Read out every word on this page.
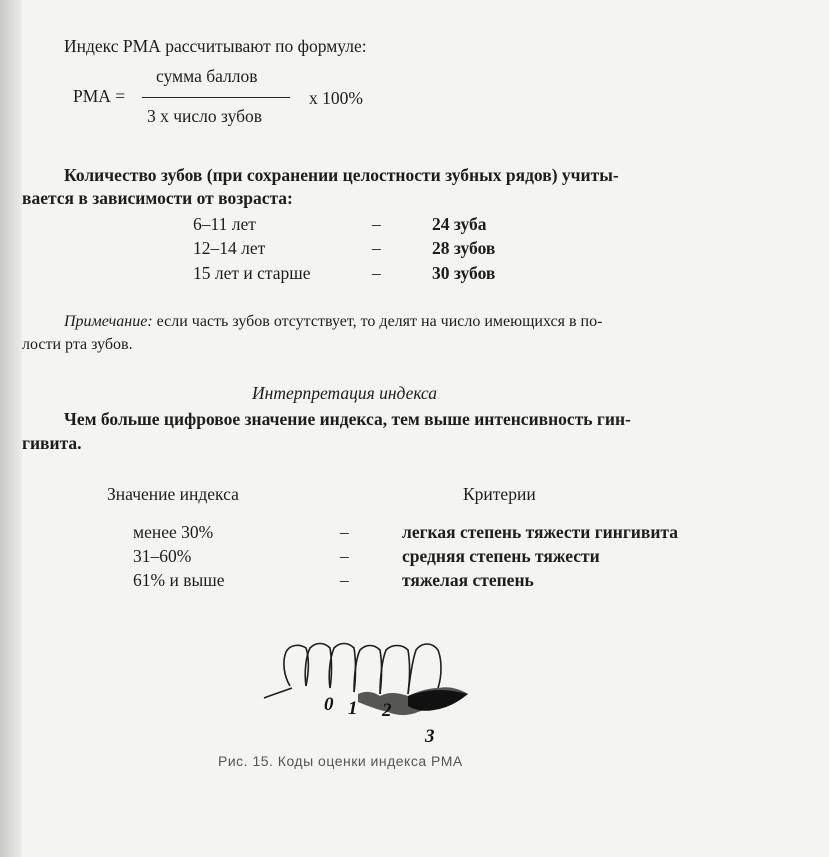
Индекс РМА рассчитывают по формуле:
РМА =
сумма баллов
3 х число зубов
х 100%
Количество зубов (при сохранении целостности зубных рядов) учиты-
вается в зависимости от возраста:
6–11 лет	–	24 зуба
12–14 лет	–	28 зубов
15 лет и старше	–	30 зубов
Примечание: если часть зубов отсутствует, то делят на число имеющихся в по-
лости рта зубов.
Интерпретация индекса
Чем больше цифровое значение индекса, тем выше интенсивность гин-
гивита.
Значение индекса	Критерии
менее 30%	–	легкая степень тяжести гингивита
31–60%	–	средняя степень тяжести
61% и выше	–	тяжелая степень
0 1 2
3
Рис. 15. Коды оценки индекса РМА
